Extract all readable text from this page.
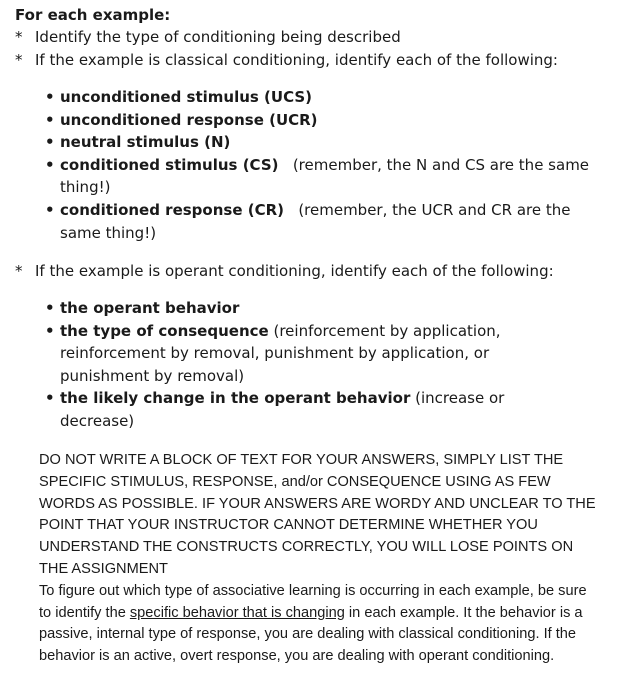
For each example:
* Identify the type of conditioning being described
* If the example is classical conditioning, identify each of the following:
• unconditioned stimulus (UCS)
• unconditioned response (UCR)
• neutral stimulus (N)
• conditioned stimulus (CS) (remember, the N and CS are the same thing!)
• conditioned response (CR) (remember, the UCR and CR are the same thing!)
* If the example is operant conditioning, identify each of the following:
• the operant behavior
• the type of consequence (reinforcement by application, reinforcement by removal, punishment by application, or punishment by removal)
• the likely change in the operant behavior (increase or decrease)

DO NOT WRITE A BLOCK OF TEXT FOR YOUR ANSWERS, SIMPLY LIST THE SPECIFIC STIMULUS, RESPONSE, and/or CONSEQUENCE USING AS FEW WORDS AS POSSIBLE. IF YOUR ANSWERS ARE WORDY AND UNCLEAR TO THE POINT THAT YOUR INSTRUCTOR CANNOT DETERMINE WHETHER YOU UNDERSTAND THE CONSTRUCTS CORRECTLY, YOU WILL LOSE POINTS ON THE ASSIGNMENT

To figure out which type of associative learning is occurring in each example, be sure to identify the specific behavior that is changing in each example. It the behavior is a passive, internal type of response, you are dealing with classical conditioning. If the behavior is an active, overt response, you are dealing with operant conditioning.
